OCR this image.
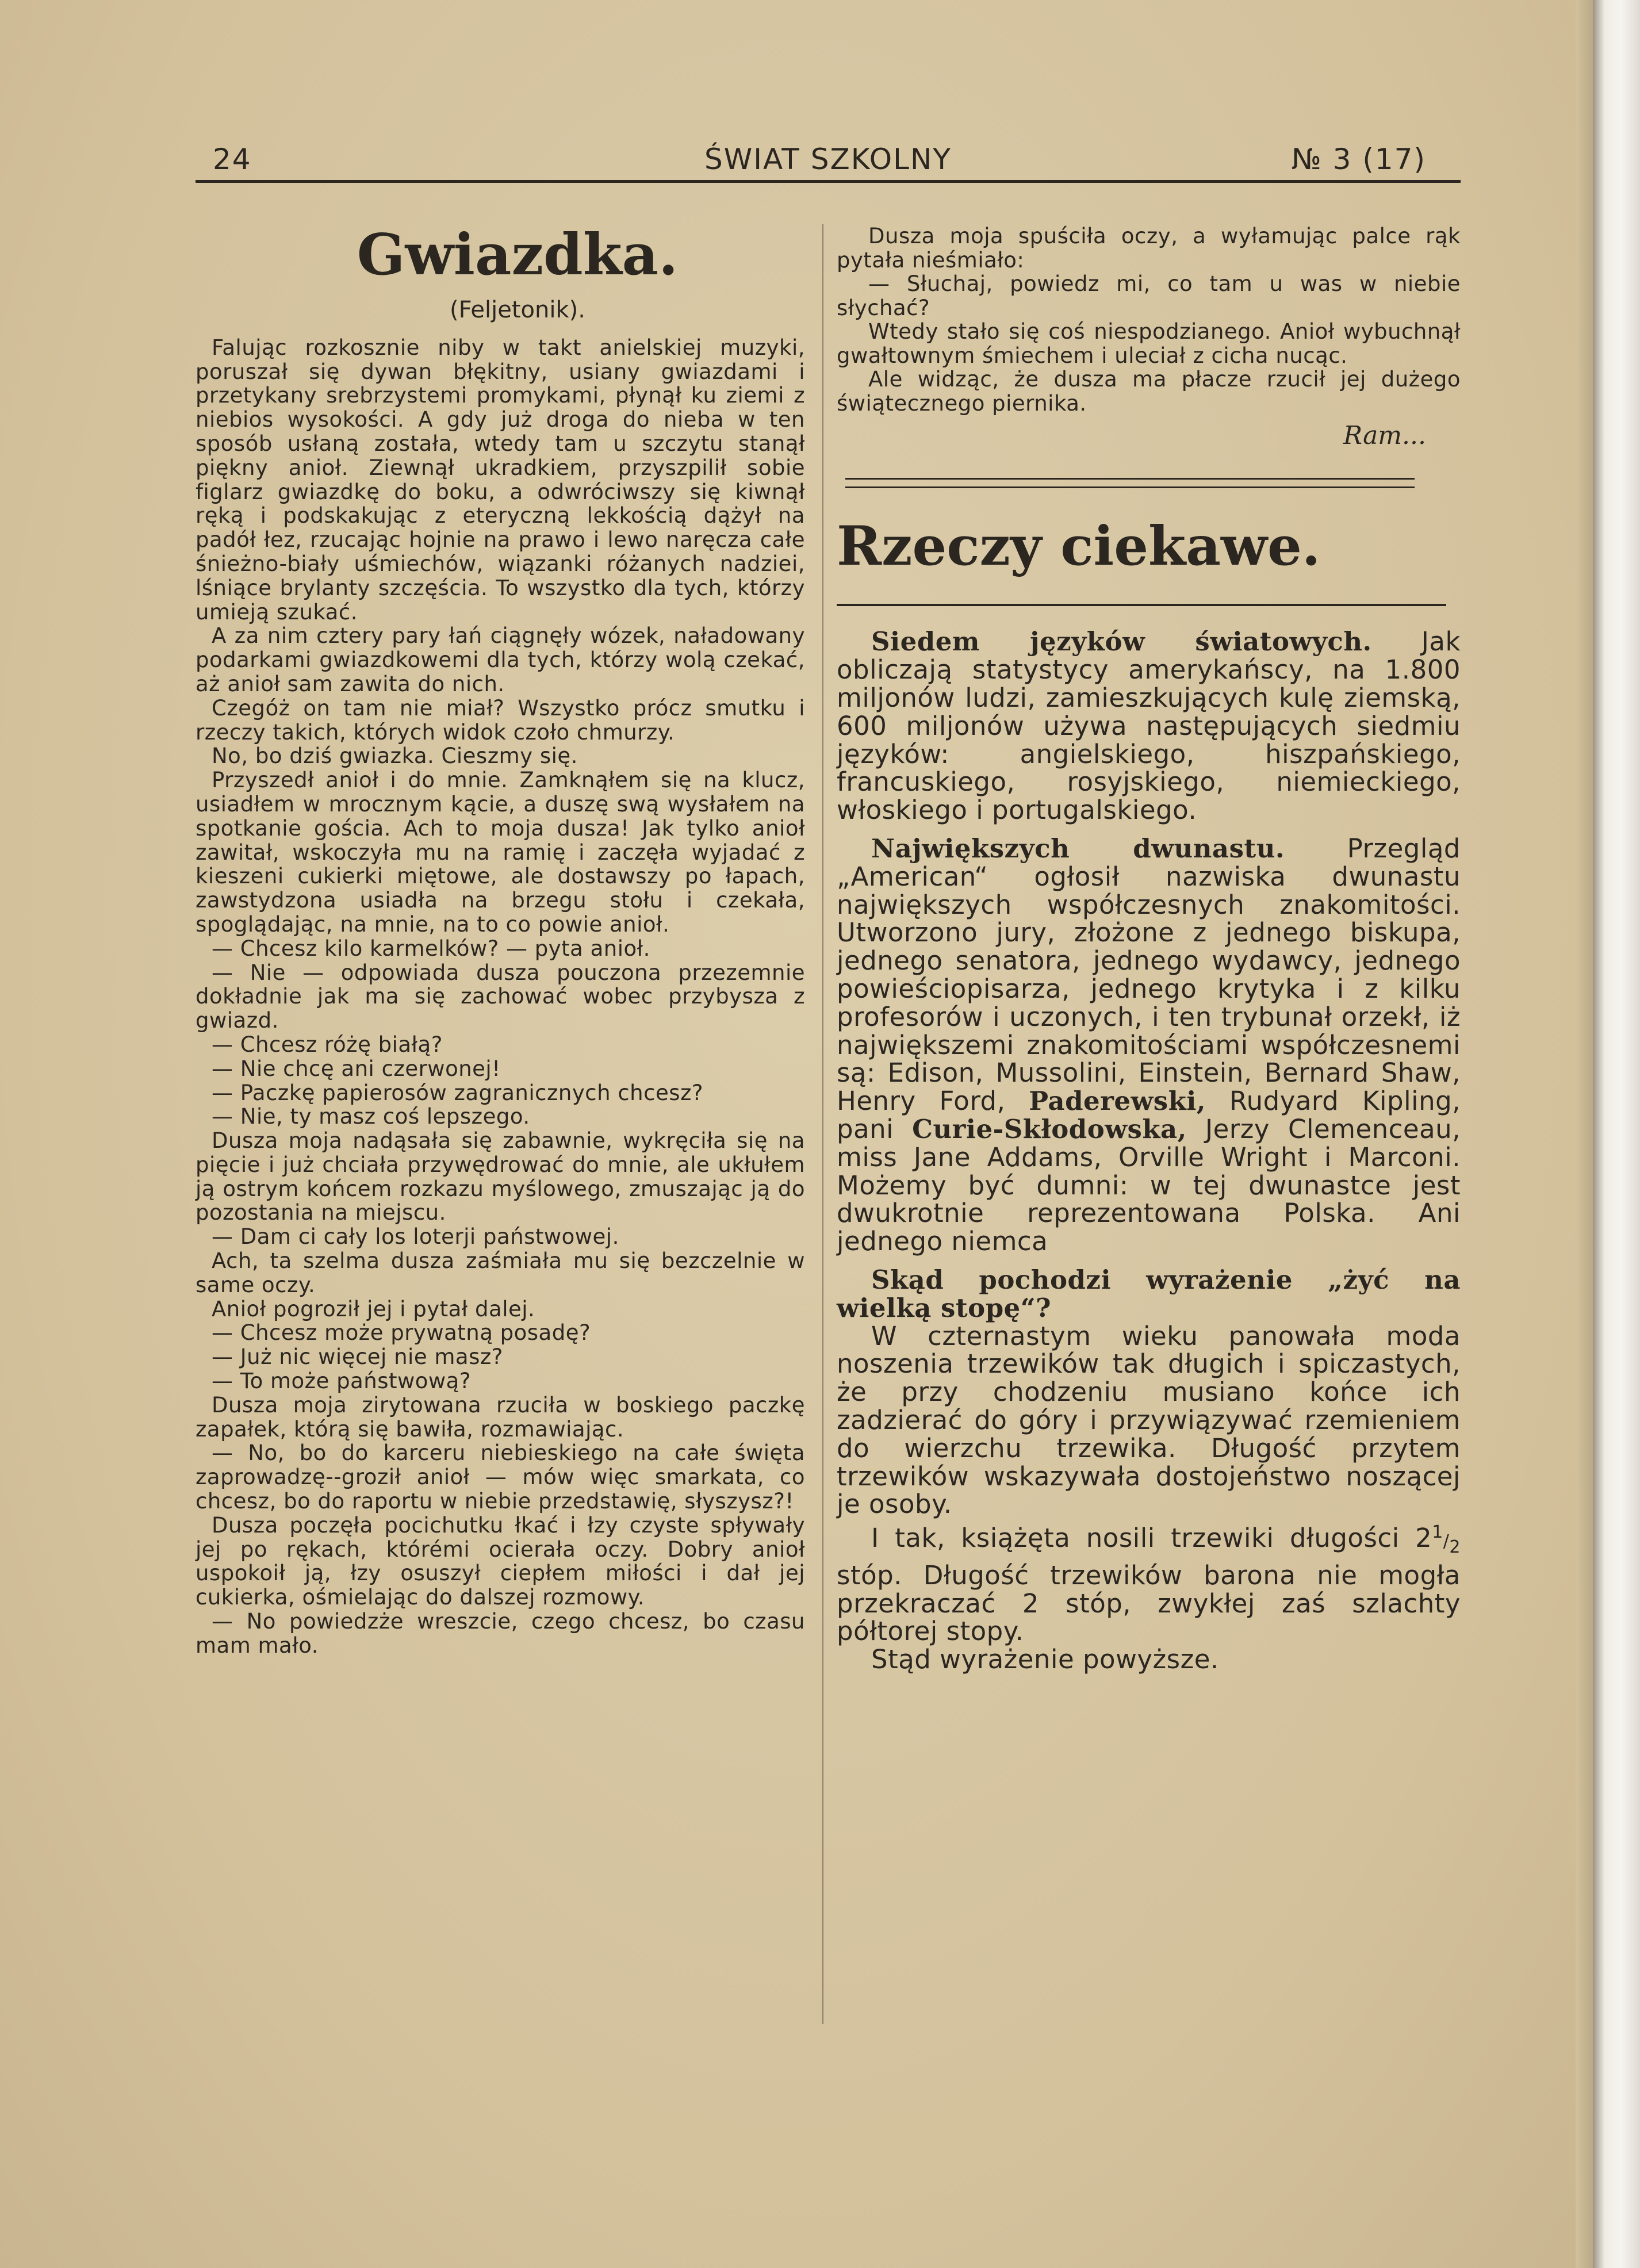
24	ŚWIAT SZKOLNY	№ 3 (17)
Gwiazdka.
(Feljetonik).

Falując rozkosznie niby w takt anielskiej muzyki, poruszał się dywan błękitny, usiany gwiazdami i przetykany srebrzystemi promykami, płynął ku ziemi z niebios wysokości. A gdy już droga do nieba w ten sposób usłaną została, wtedy tam u szczytu stanął piękny anioł. Ziewnął ukradkiem, przyszpilił sobie figlarz gwiazdkę do boku, a odwróciwszy się kiwnął ręką i podskakując z eteryczną lekkością dążył na padół łez, rzucając hojnie na prawo i lewo naręcza całe śnieżno-biały uśmiechów, wiązanki różanych nadziei, lśniące brylanty szczęścia. To wszystko dla tych, którzy umieją szukać.

A za nim cztery pary łań ciągnęły wózek, naładowany podarkami gwiazdkowemi dla tych, którzy wolą czekać, aż anioł sam zawita do nich.

Czegóż on tam nie miał? Wszystko prócz smutku i rzeczy takich, których widok czoło chmurzy.

No, bo dziś gwiazka. Cieszmy się.

Przyszedł anioł i do mnie. Zamknąłem się na klucz, usiadłem w mrocznym kącie, a duszę swą wysłałem na spotkanie gościa. Ach to moja dusza! Jak tylko anioł zawitał, wskoczyła mu na ramię i zaczęła wyjadać z kieszeni cukierki miętowe, ale dostawszy po łapach, zawstydzona usiadła na brzegu stołu i czekała, spoglądając, na mnie, na to co powie anioł.

— Chcesz kilo karmelków? — pyta anioł.

— Nie — odpowiada dusza pouczona przezemnie dokładnie jak ma się zachować wobec przybysza z gwiazd.

— Chcesz różę białą?

— Nie chcę ani czerwonej!

— Paczkę papierosów zagranicznych chcesz?

— Nie, ty masz coś lepszego.

Dusza moja nadąsała się zabawnie, wykręciła się na pięcie i już chciała przywędrować do mnie, ale ukłułem ją ostrym końcem rozkazu myślowego, zmuszając ją do pozostania na miejscu.

— Dam ci cały los loterji państwowej.

Ach, ta szelma dusza zaśmiała mu się bezczelnie w same oczy.

Anioł pogroził jej i pytał dalej.

— Chcesz może prywatną posadę?

— Już nic więcej nie masz?

— To może państwową?

Dusza moja zirytowana rzuciła w boskiego paczkę zapałek, którą się bawiła, rozmawiając.

— No, bo do karceru niebieskiego na całe święta zaprowadzę--groził anioł — mów więc smarkata, co chcesz, bo do raportu w niebie przedstawię, słyszysz?!

Dusza poczęła pocichutku łkać i łzy czyste spływały jej po rękach, którémi ocierała oczy. Dobry anioł uspokoił ją, łzy osuszył ciepłem miłości i dał jej cukierka, ośmielając do dalszej rozmowy.

— No powiedzże wreszcie, czego chcesz, bo czasu mam mało.

Dusza moja spuściła oczy, a wyłamując palce rąk pytała nieśmiało:

— Słuchaj, powiedz mi, co tam u was w niebie słychać?

Wtedy stało się coś niespodzianego. Anioł wybuchnął gwałtownym śmiechem i uleciał z cicha nucąc.

Ale widząc, że dusza ma płacze rzucił jej dużego świątecznego piernika.

Ram...
Rzeczy ciekawe.

Siedem języków światowych. Jak obliczają statystycy amerykańscy, na 1.800 miljonów ludzi, zamieszkujących kulę ziemską, 600 miljonów używa następujących siedmiu języków: angielskiego, hiszpańskiego, francuskiego, rosyjskiego, niemieckiego, włoskiego i portugalskiego.

Największych dwunastu. Przegląd „American“ ogłosił nazwiska dwunastu największych współczesnych znakomitości. Utworzono jury, złożone z jednego biskupa, jednego senatora, jednego wydawcy, jednego powieściopisarza, jednego krytyka i z kilku profesorów i uczonych, i ten trybunał orzekł, iż największemi znakomitościami współczesnemi są: Edison, Mussolini, Einstein, Bernard Shaw, Henry Ford, Paderewski, Rudyard Kipling, pani Curie-Skłodowska, Jerzy Clemenceau, miss Jane Addams, Orville Wright i Marconi. Możemy być dumni: w tej dwunastce jest dwukrotnie reprezentowana Polska. Ani jednego niemca

Skąd pochodzi wyrażenie „żyć na wielką stopę“?

W czternastym wieku panowała moda noszenia trzewików tak długich i spiczastych, że przy chodzeniu musiano końce ich zadzierać do góry i przywiązywać rzemieniem do wierzchu trzewika. Długość przytem trzewików wskazywała dostojeństwo noszącej je osoby.

I tak, książęta nosili trzewiki długości $2^1/_2$ stóp. Długość trzewików barona nie mogła przekraczać 2 stóp, zwykłej zaś szlachty półtorej stopy.

Stąd wyrażenie powyższe.
